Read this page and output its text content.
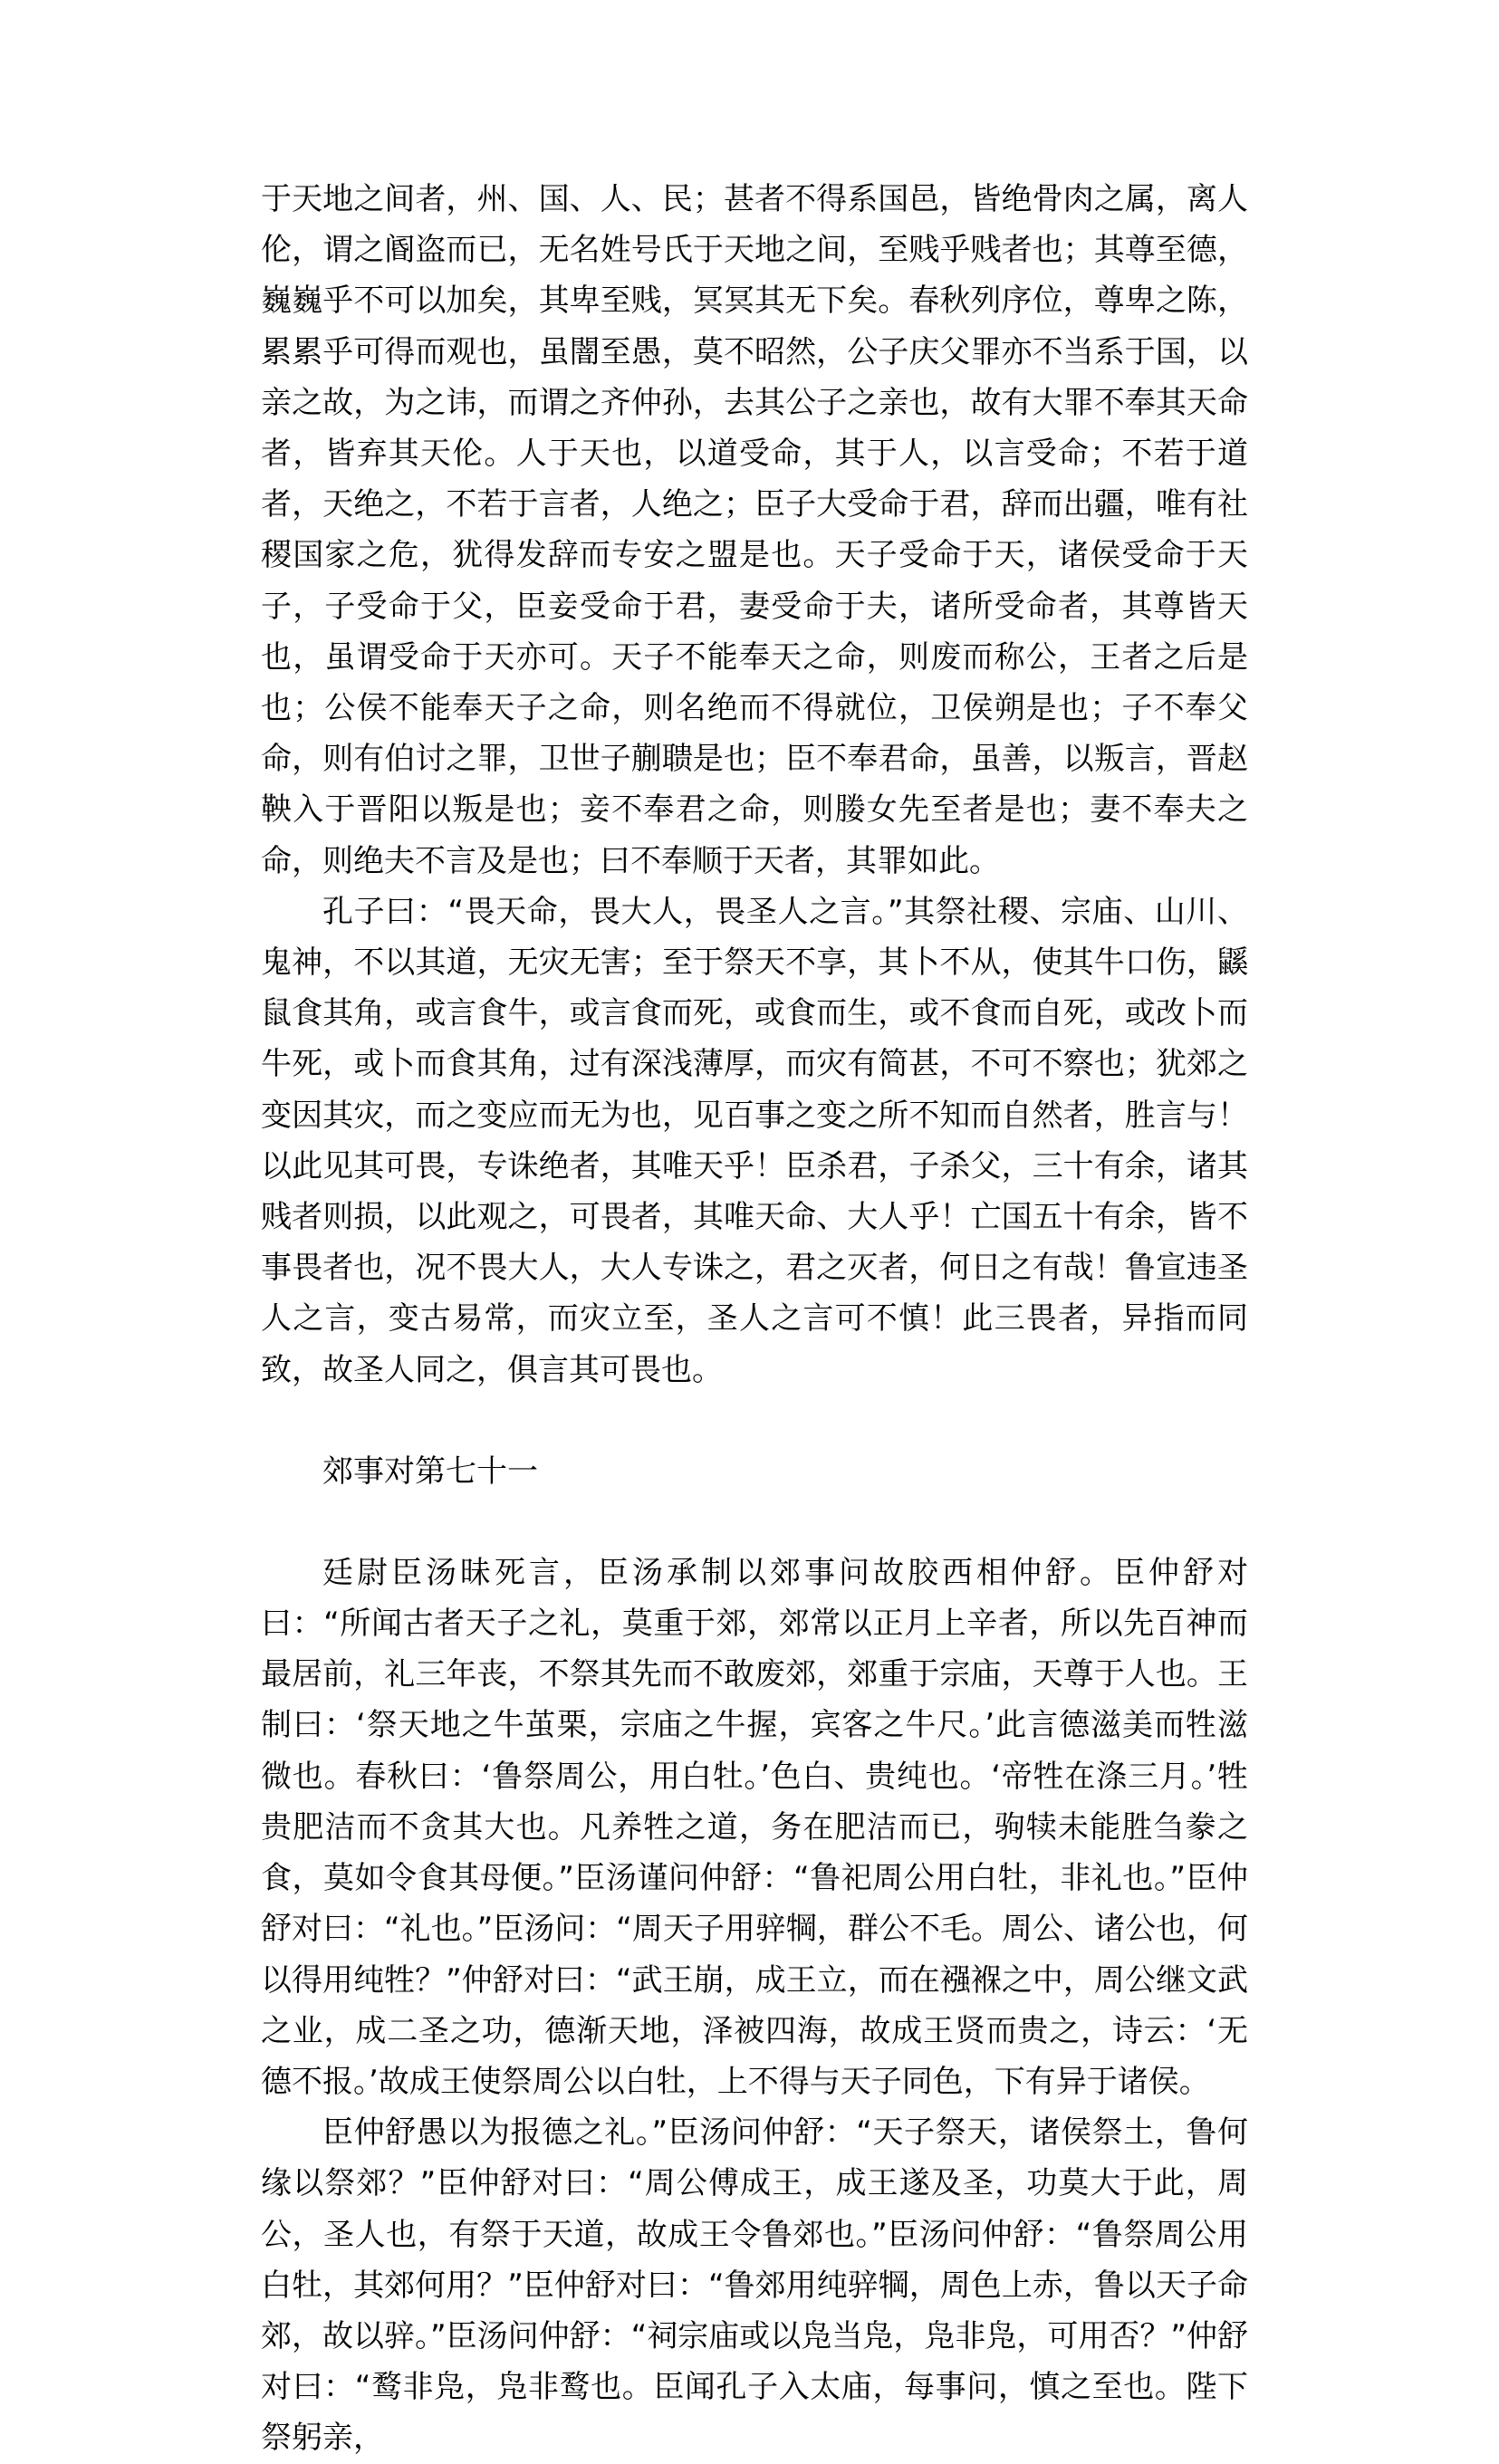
于天地之间者，州、国、人、民；甚者不得系国邑，皆绝骨肉之属，离人伦，谓之阍盗而已，无名姓号氏于天地之间，至贱乎贱者也；其尊至德，巍巍乎不可以加矣，其卑至贱，冥冥其无下矣。春秋列序位，尊卑之陈，累累乎可得而观也，虽闇至愚，莫不昭然，公子庆父罪亦不当系于国，以亲之故，为之讳，而谓之齐仲孙，去其公子之亲也，故有大罪不奉其天命者，皆弃其天伦。人于天也，以道受命，其于人，以言受命；不若于道者，天绝之，不若于言者，人绝之；臣子大受命于君，辞而出疆，唯有社稷国家之危，犹得发辞而专安之盟是也。天子受命于天，诸侯受命于天子，子受命于父，臣妾受命于君，妻受命于夫，诸所受命者，其尊皆天也，虽谓受命于天亦可。天子不能奉天之命，则废而称公，王者之后是也；公侯不能奉天子之命，则名绝而不得就位，卫侯朔是也；子不奉父命，则有伯讨之罪，卫世子蒯聩是也；臣不奉君命，虽善，以叛言，晋赵鞅入于晋阳以叛是也；妾不奉君之命，则媵女先至者是也；妻不奉夫之命，则绝夫不言及是也；曰不奉顺于天者，其罪如此。

孔子曰：“畏天命，畏大人，畏圣人之言。”其祭社稷、宗庙、山川、鬼神，不以其道，无灾无害；至于祭天不享，其卜不从，使其牛口伤，鼷鼠食其角，或言食牛，或言食而死，或食而生，或不食而自死，或改卜而牛死，或卜而食其角，过有深浅薄厚，而灾有简甚，不可不察也；犹郊之变因其灾，而之变应而无为也，见百事之变之所不知而自然者，胜言与！以此见其可畏，专诛绝者，其唯天乎！臣杀君，子杀父，三十有余，诸其贱者则损，以此观之，可畏者，其唯天命、大人乎！亡国五十有余，皆不事畏者也，况不畏大人，大人专诛之，君之灭者，何日之有哉！鲁宣违圣人之言，变古易常，而灾立至，圣人之言可不慎！此三畏者，异指而同致，故圣人同之，俱言其可畏也。

郊事对第七十一

廷尉臣汤昧死言，臣汤承制以郊事问故胶西相仲舒。臣仲舒对曰：“所闻古者天子之礼，莫重于郊，郊常以正月上辛者，所以先百神而最居前，礼三年丧，不祭其先而不敢废郊，郊重于宗庙，天尊于人也。王制曰：‘祭天地之牛茧栗，宗庙之牛握，宾客之牛尺。’此言德滋美而牲滋微也。春秋曰：‘鲁祭周公，用白牡。’色白、贵纯也。‘帝牲在涤三月。’牲贵肥洁而不贪其大也。凡养牲之道，务在肥洁而已，驹犊未能胜刍豢之食，莫如令食其母便。”臣汤谨问仲舒：“鲁祀周公用白牡，非礼也。”臣仲舒对曰：“礼也。”臣汤问：“周天子用骍犅，群公不毛。周公、诸公也，何以得用纯牲？”仲舒对曰：“武王崩，成王立，而在襁褓之中，周公继文武之业，成二圣之功，德渐天地，泽被四海，故成王贤而贵之，诗云：‘无德不报。’故成王使祭周公以白牡，上不得与天子同色，下有异于诸侯。

臣仲舒愚以为报德之礼。”臣汤问仲舒：“天子祭天，诸侯祭土，鲁何缘以祭郊？”臣仲舒对曰：“周公傅成王，成王遂及圣，功莫大于此，周公，圣人也，有祭于天道，故成王令鲁郊也。”臣汤问仲舒：“鲁祭周公用白牡，其郊何用？”臣仲舒对曰：“鲁郊用纯骍犅，周色上赤，鲁以天子命郊，故以骍。”臣汤问仲舒：“祠宗庙或以凫当凫，凫非凫，可用否？”仲舒对曰：“鹜非凫，凫非鹜也。臣闻孔子入太庙，每事问，慎之至也。陛下祭躬亲，
